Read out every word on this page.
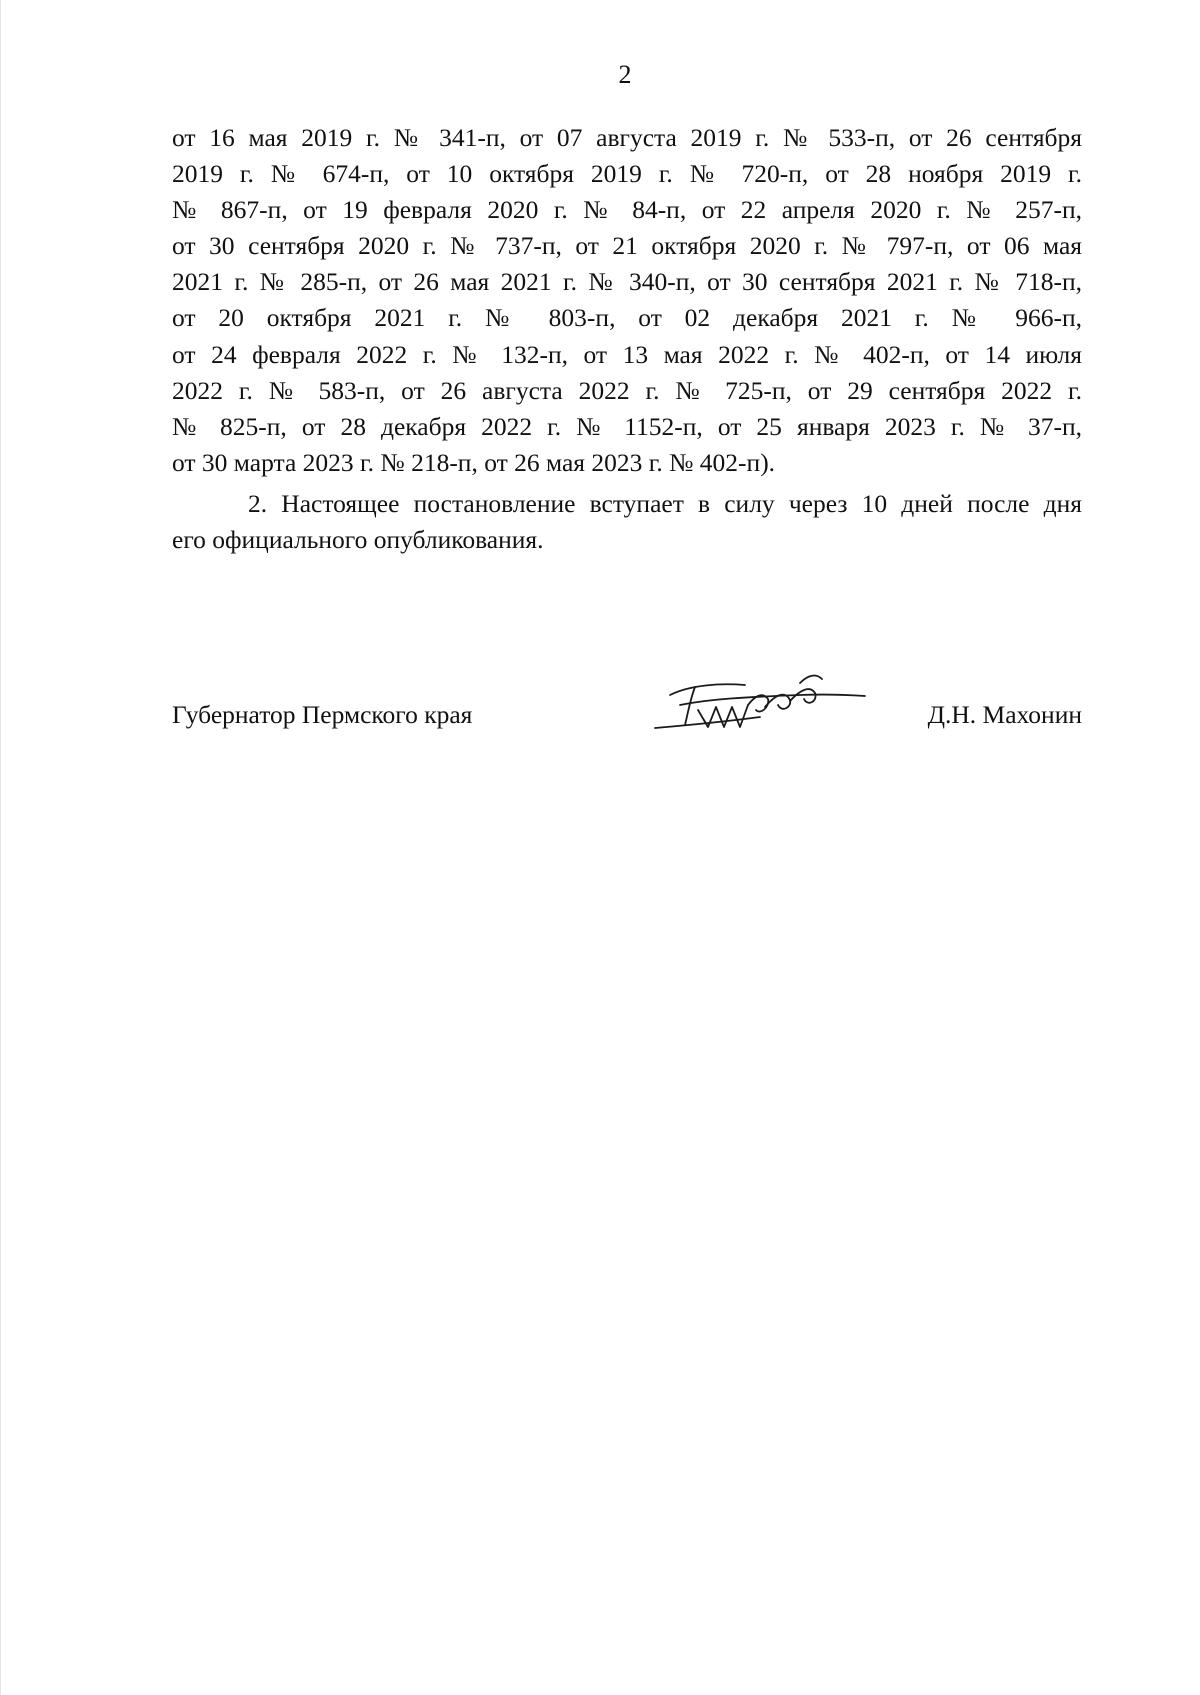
2
от 16 мая 2019 г. № 341-п, от 07 августа 2019 г. № 533-п, от 26 сентября
2019 г. № 674-п, от 10 октября 2019 г. № 720-п, от 28 ноября 2019 г.
№ 867-п, от 19 февраля 2020 г. № 84-п, от 22 апреля 2020 г. № 257-п,
от 30 сентября 2020 г. № 737-п, от 21 октября 2020 г. № 797-п, от 06 мая
2021 г. № 285-п, от 26 мая 2021 г. № 340-п, от 30 сентября 2021 г. № 718-п,
от 20 октября 2021 г. № 803-п, от 02 декабря 2021 г. № 966-п,
от 24 февраля 2022 г. № 132-п, от 13 мая 2022 г. № 402-п, от 14 июля
2022 г. № 583-п, от 26 августа 2022 г. № 725-п, от 29 сентября 2022 г.
№ 825-п, от 28 декабря 2022 г. № 1152-п, от 25 января 2023 г. № 37-п,
от 30 марта 2023 г. № 218-п, от 26 мая 2023 г. № 402-п).
2. Настоящее постановление вступает в силу через 10 дней после дня
его официального опубликования.
Губернатор Пермского края	Д.Н. Махонин
